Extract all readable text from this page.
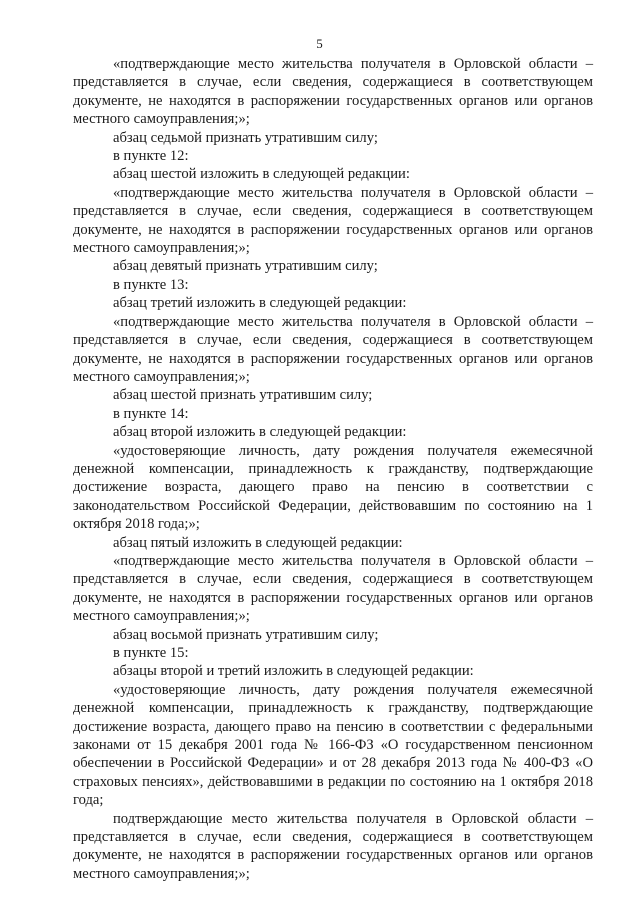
5

«подтверждающие место жительства получателя в Орловской области – представляется в случае, если сведения, содержащиеся в соответствующем документе, не находятся в распоряжении государственных органов или органов местного самоуправления;»;

абзац седьмой признать утратившим силу;

в пункте 12:

абзац шестой изложить в следующей редакции:

«подтверждающие место жительства получателя в Орловской области – представляется в случае, если сведения, содержащиеся в соответствующем документе, не находятся в распоряжении государственных органов или органов местного самоуправления;»;

абзац девятый признать утратившим силу;

в пункте 13:

абзац третий изложить в следующей редакции:

«подтверждающие место жительства получателя в Орловской области – представляется в случае, если сведения, содержащиеся в соответствующем документе, не находятся в распоряжении государственных органов или органов местного самоуправления;»;

абзац шестой признать утратившим силу;

в пункте 14:

абзац второй изложить в следующей редакции:

«удостоверяющие личность, дату рождения получателя ежемесячной денежной компенсации, принадлежность к гражданству, подтверждающие достижение возраста, дающего право на пенсию в соответствии с законодательством Российской Федерации, действовавшим по состоянию на 1 октября 2018 года;»;

абзац пятый изложить в следующей редакции:

«подтверждающие место жительства получателя в Орловской области – представляется в случае, если сведения, содержащиеся в соответствующем документе, не находятся в распоряжении государственных органов или органов местного самоуправления;»;

абзац восьмой признать утратившим силу;

в пункте 15:

абзацы второй и третий изложить в следующей редакции:

«удостоверяющие личность, дату рождения получателя ежемесячной денежной компенсации, принадлежность к гражданству, подтверждающие достижение возраста, дающего право на пенсию в соответствии с федеральными законами от 15 декабря 2001 года № 166-ФЗ «О государственном пенсионном обеспечении в Российской Федерации» и от 28 декабря 2013 года № 400-ФЗ «О страховых пенсиях», действовавшими в редакции по состоянию на 1 октября 2018 года;

подтверждающие место жительства получателя в Орловской области – представляется в случае, если сведения, содержащиеся в соответствующем документе, не находятся в распоряжении государственных органов или органов местного самоуправления;»;
